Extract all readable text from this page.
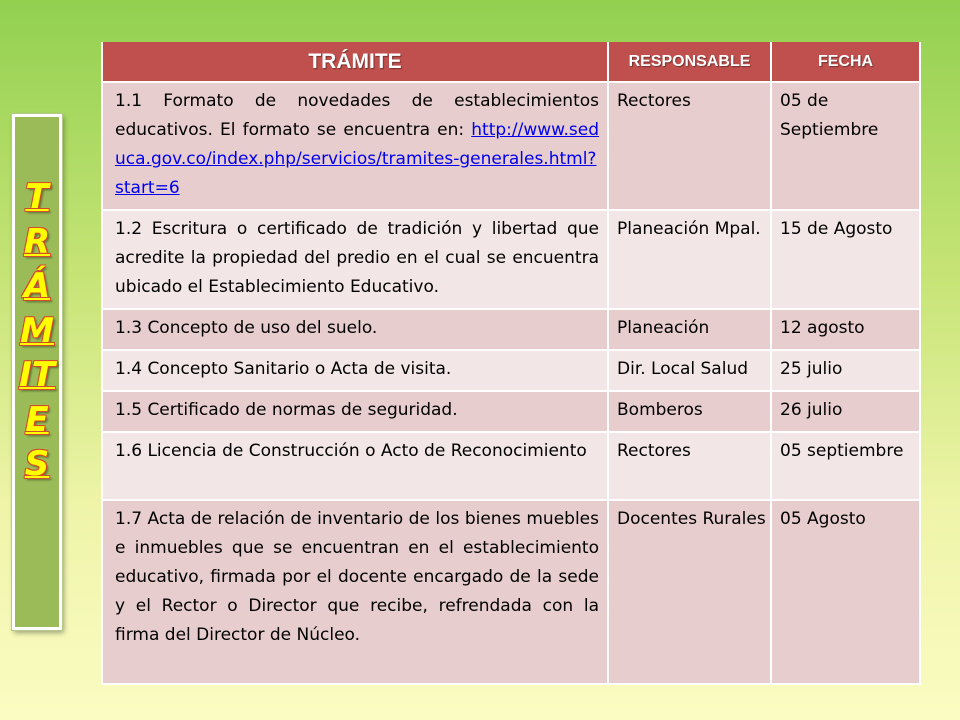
TRÁMITES
TRÁMITE	RESPONSABLE	FECHA
1.1 Formato de novedades de establecimientos educativos. El formato se encuentra en: http://www.seduca.gov.co/index.php/servicios/tramites-generales.html?start=6	Rectores	05 de Septiembre
1.2 Escritura o certificado de tradición y libertad que acredite la propiedad del predio en el cual se encuentra ubicado el Establecimiento Educativo.	Planeación Mpal.	15 de Agosto
1.3 Concepto de uso del suelo.	Planeación	12 agosto
1.4 Concepto Sanitario o Acta de visita.	Dir. Local Salud	25 julio
1.5 Certificado de normas de seguridad.	Bomberos	26 julio
1.6 Licencia de Construcción o Acto de Reconocimiento	Rectores	05 septiembre
1.7 Acta de relación de inventario de los bienes muebles e inmuebles que se encuentran en el establecimiento educativo, firmada por el docente encargado de la sede y el Rector o Director que recibe, refrendada con la firma del Director de Núcleo.	Docentes Rurales	05 Agosto
